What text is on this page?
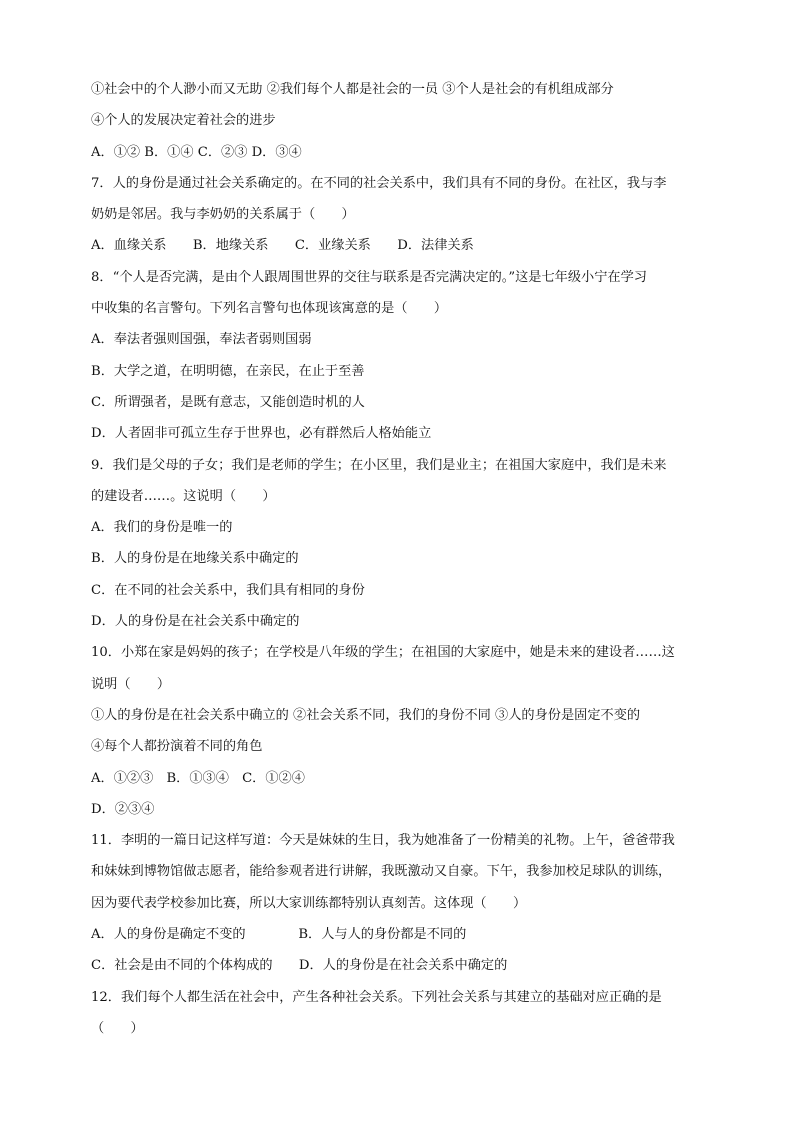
①社会中的个人渺小而又无助 ②我们每个人都是社会的一员 ③个人是社会的有机组成部分
④个人的发展决定着社会的进步
A．①② B．①④ C．②③ D．③④
7．人的身份是通过社会关系确定的。在不同的社会关系中，我们具有不同的身份。在社区，我与李
奶奶是邻居。我与李奶奶的关系属于（　　）
A．血缘关系　　B．地缘关系　　C．业缘关系　　D．法律关系
8．“个人是否完满，是由个人跟周围世界的交往与联系是否完满决定的。”这是七年级小宁在学习
中收集的名言警句。下列名言警句也体现该寓意的是（　　）
A．奉法者强则国强，奉法者弱则国弱
B．大学之道，在明明德，在亲民，在止于至善
C．所谓强者，是既有意志，又能创造时机的人
D．人者固非可孤立生存于世界也，必有群然后人格始能立
9．我们是父母的子女；我们是老师的学生；在小区里，我们是业主；在祖国大家庭中，我们是未来
的建设者……。这说明（　　）
A．我们的身份是唯一的
B．人的身份是在地缘关系中确定的
C．在不同的社会关系中，我们具有相同的身份
D．人的身份是在社会关系中确定的
10．小郑在家是妈妈的孩子；在学校是八年级的学生；在祖国的大家庭中，她是未来的建设者……这
说明（　　）
①人的身份是在社会关系中确立的 ②社会关系不同，我们的身份不同 ③人的身份是固定不变的
④每个人都扮演着不同的角色
A．①②③　B．①③④　C．①②④
D．②③④
11．李明的一篇日记这样写道：今天是妹妹的生日，我为她准备了一份精美的礼物。上午，爸爸带我
和妹妹到博物馆做志愿者，能给参观者进行讲解，我既激动又自豪。下午，我参加校足球队的训练，
因为要代表学校参加比赛，所以大家训练都特别认真刻苦。这体现（　　）
A．人的身份是确定不变的　　　　B．人与人的身份都是不同的
C．社会是由不同的个体构成的　　D．人的身份是在社会关系中确定的
12．我们每个人都生活在社会中，产生各种社会关系。下列社会关系与其建立的基础对应正确的是
（　　）
